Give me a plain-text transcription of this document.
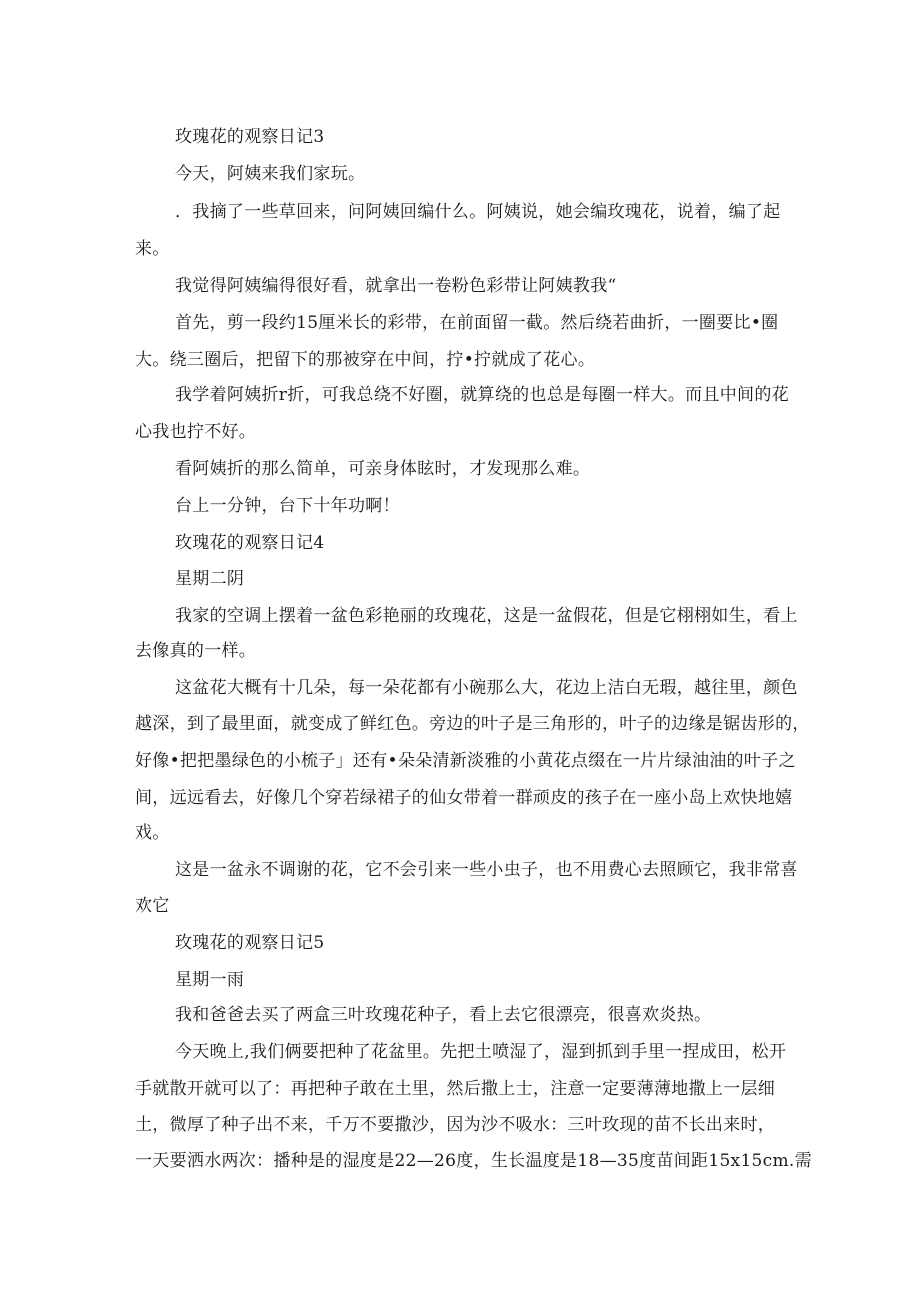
玫瑰花的观察日记3
今天，阿姨来我们家玩。
．我摘了一些草回来，问阿姨回编什么。阿姨说，她会编玫瑰花，说着，编了起
来。
我觉得阿姨编得很好看，就拿出一卷粉色彩带让阿姨教我“
首先，剪一段约15厘米长的彩带，在前面留一截。然后绕若曲折，一圈要比•圈
大。绕三圈后，把留下的那被穿在中间，拧•拧就成了花心。
我学着阿姨折r折，可我总绕不好圈，就算绕的也总是每圈一样大。而且中间的花
心我也拧不好。
看阿姨折的那么简单，可亲身体眩时，才发现那么难。
台上一分钟，台下十年功啊！
玫瑰花的观察日记4
星期二阴
我家的空调上摆着一盆色彩艳丽的玫瑰花，这是一盆假花，但是它栩栩如生，看上
去像真的一样。
这盆花大概有十几朵，每一朵花都有小碗那么大，花边上洁白无瑕，越往里，颜色
越深，到了最里面，就变成了鲜红色。旁边的叶子是三角形的，叶子的边缘是锯齿形的，
好像•把把墨绿色的小梳子」还有•朵朵清新淡雅的小黄花点缀在一片片绿油油的叶子之
间，远远看去，好像几个穿若绿裙子的仙女带着一群顽皮的孩子在一座小岛上欢快地嬉
戏。
这是一盆永不调谢的花，它不会引来一些小虫子，也不用费心去照顾它，我非常喜
欢它
玫瑰花的观察日记5
星期一雨
我和爸爸去买了两盒三叶玫瑰花种子，看上去它很漂亮，很喜欢炎热。
今天晚上,我们俩要把种了花盆里。先把土喷湿了，湿到抓到手里一捏成田，松开
手就散开就可以了：再把种子敢在土里，然后撒上士，注意一定要薄薄地撒上一层细
土，微厚了种子出不来，千万不要撒沙，因为沙不吸水：三叶玫现的苗不长出来时，
一天要洒水两次：播种是的湿度是22—26度，生长温度是18—35度苗间距15x15cm.需
